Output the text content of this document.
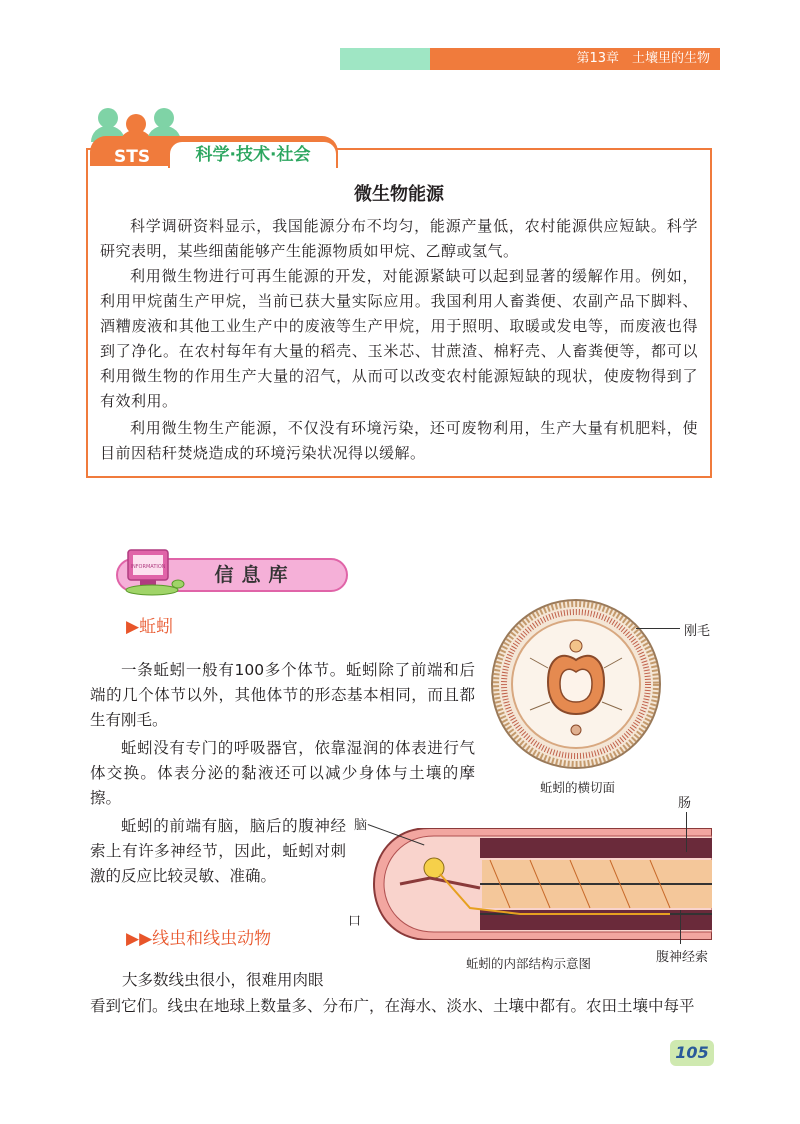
第13章　土壤里的生物
STS	科学·技术·社会
微生物能源

科学调研资料显示，我国能源分布不均匀，能源产量低，农村能源供应短缺。科学研究表明，某些细菌能够产生能源物质如甲烷、乙醇或氢气。

利用微生物进行可再生能源的开发，对能源紧缺可以起到显著的缓解作用。例如，利用甲烷菌生产甲烷，当前已获大量实际应用。我国利用人畜粪便、农副产品下脚料、酒糟废液和其他工业生产中的废液等生产甲烷，用于照明、取暖或发电等，而废液也得到了净化。在农村每年有大量的稻壳、玉米芯、甘蔗渣、棉籽壳、人畜粪便等，都可以利用微生物的作用生产大量的沼气，从而可以改变农村能源短缺的现状，使废物得到了有效利用。

利用微生物生产能源，不仅没有环境污染，还可废物利用，生产大量有机肥料，使目前因秸秆焚烧造成的环境污染状况得以缓解。

INFORMATION	信息库
▶蚯蚓

一条蚯蚓一般有100多个体节。蚯蚓除了前端和后端的几个体节以外，其他体节的形态基本相同，而且都生有刚毛。

蚯蚓没有专门的呼吸器官，依靠湿润的体表进行气体交换。体表分泌的黏液还可以减少身体与土壤的摩擦。

蚯蚓的前端有脑，脑后的腹神经索上有许多神经节，因此，蚯蚓对刺激的反应比较灵敏、准确。

▶▶线虫和线虫动物
大多数线虫很小，很难用肉眼
看到它们。线虫在地球上数量多、分布广，在海水、淡水、土壤中都有。农田土壤中每平
刚毛
蚯蚓的横切面
脑
肠
口
腹神经索
蚯蚓的内部结构示意图
105
